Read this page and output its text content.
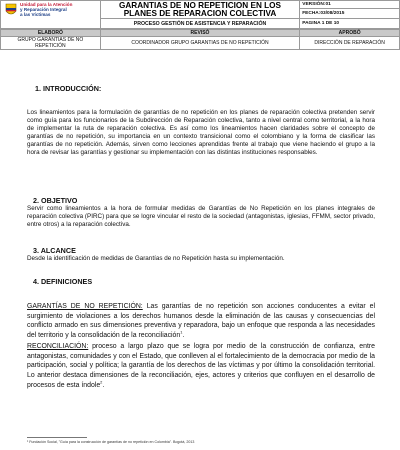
Unidad para la Atención
y Reparación Integral
a las Víctimas	GARANTIAS DE NO REPETICION EN LOS PLANES DE REPARACION COLECTIVA	VERSIÓN:01
		FECHA:03/08/2015
	PROCESO GESTIÓN DE ASISTENCIA Y REPARACIÓN	PAGINA 1 DE 10
ELABORÓ	REVISÓ	APROBÓ
GRUPO GARANTIAS DE NO REPETICIÓN	COORDINADOR GRUPO GARANTIAS DE NO REPETICIÓN	DIRECCIÓN DE REPARACIÓN
1. INTRODUCCIÓN:
Los lineamientos para la formulación de garantías de no repetición en los planes de reparación colectiva pretenden servir como guía para los funcionarios de la Subdirección de Reparación colectiva, tanto a nivel central como territorial, a la hora de implementar la ruta de reparación colectiva. Es así como los lineamientos hacen claridades sobre el concepto de garantías de no repetición, su importancia en un contexto transicional como el colombiano y la forma de clasificar las garantías de no repetición. Además, sirven como lecciones aprendidas frente al trabajo que viene haciendo el grupo a la hora de revisar las garantías y gestionar su implementación con las distintas instituciones responsables.
2. OBJETIVO
Servir como lineamientos a la hora de formular medidas de Garantías de No Repetición en los planes integrales de reparación colectiva (PIRC) para que se logre vincular el resto de la sociedad (antagonistas, iglesias, FFMM, sector privado, entre otros) a la reparación colectiva.
3. ALCANCE
Desde la identificación de medidas de Garantías de no Repetición hasta su implementación.
4. DEFINICIONES
GARANTÍAS DE NO REPETICIÓN: Las garantías de no repetición son acciones conducentes a evitar el surgimiento de violaciones a los derechos humanos desde la eliminación de las causas y consecuencias del conflicto armado en sus dimensiones preventiva y reparadora, bajo un enfoque que responda a las necesidades del territorio y la consolidación de la reconciliación$^1$.
RECONCILIACIÓN: proceso a largo plazo que se logra por medio de la construcción de confianza, entre antagonistas, comunidades y con el Estado, que conlleven al el fortalecimiento de la democracia por medio de la participación, social y política; la garantía de los derechos de las víctimas y por último la consolidación territorial. Lo anterior destaca dimensiones de la reconciliación, ejes, actores y criterios que confluyen en el desarrollo de procesos de esta índole$^2$.
¹ Fundación Social, "Guía para la construcción de garantías de no repetición en Colombia". Bogotá, 2013
